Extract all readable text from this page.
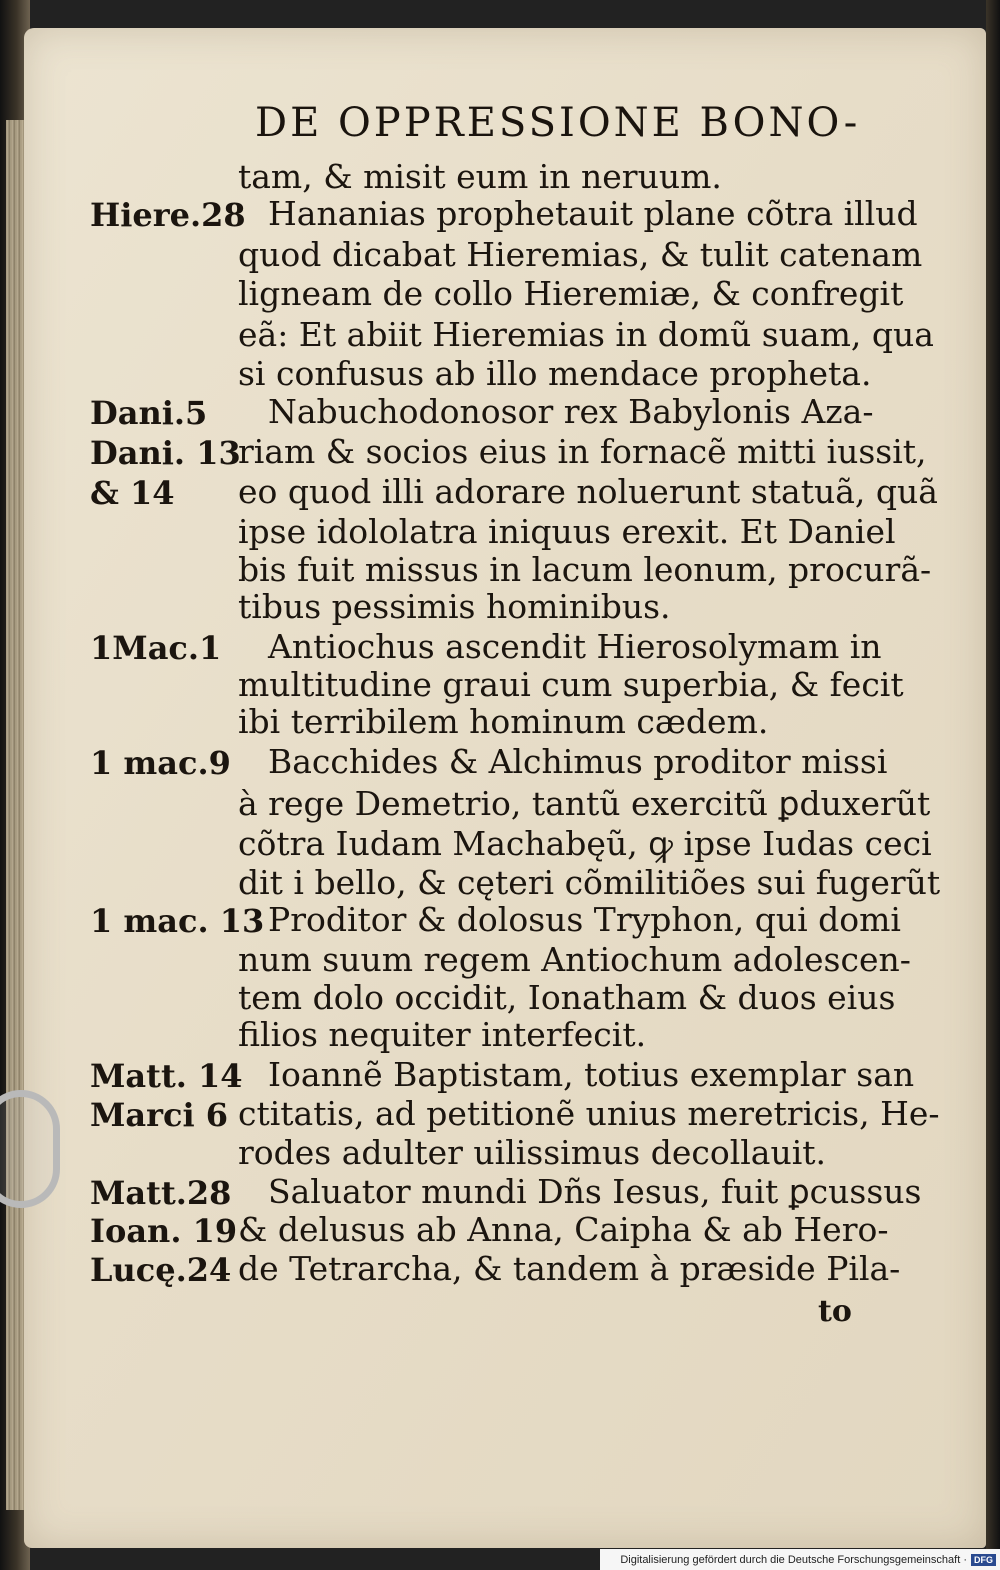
DE OPPRESSIONE BONO-
tam, & misit eum in neruum.
Hananias prophetauit plane cõtra illud
quod dicabat Hieremias, & tulit catenam
ligneam de collo Hieremiæ, & confregit
eã: Et abiit Hieremias in domũ suam, qua
si confusus ab illo mendace propheta.
Nabuchodonosor rex Babylonis Aza-
riam & socios eius in fornacẽ mitti iussit,
eo quod illi adorare noluerunt statuã, quã
ipse idololatra iniquus erexit. Et Daniel
bis fuit missus in lacum leonum, procurã-
tibus pessimis hominibus.
Antiochus ascendit Hierosolymam in
multitudine graui cum superbia, & fecit
ibi terribilem hominum cædem.
Bacchides & Alchimus proditor missi
à rege Demetrio, tantũ exercitũ ꝑduxerũt
cõtra Iudam Machabęũ, ꝙ ipse Iudas ceci
dit i bello, & cęteri cõmilitiões sui fugerũt
Proditor & dolosus Tryphon, qui domi
num suum regem Antiochum adolescen-
tem dolo occidit, Ionatham & duos eius
filios nequiter interfecit.
Ioannẽ Baptistam, totius exemplar san
ctitatis, ad petitionẽ unius meretricis, He-
rodes adulter uilissimus decollauit.
Saluator mundi Dñs Iesus, fuit ꝑcussus
& delusus ab Anna, Caipha & ab Hero-
de Tetrarcha, & tandem à præside Pila-
Hiere.28
Dani.5
Dani. 13
& 14
1Mac.1
1 mac.9
1 mac. 13
Matt. 14
Marci 6
Matt.28
Ioan. 19
Lucę.24
to
Digitalisierung gefördert durch die Deutsche Forschungsgemeinschaft · DFG
